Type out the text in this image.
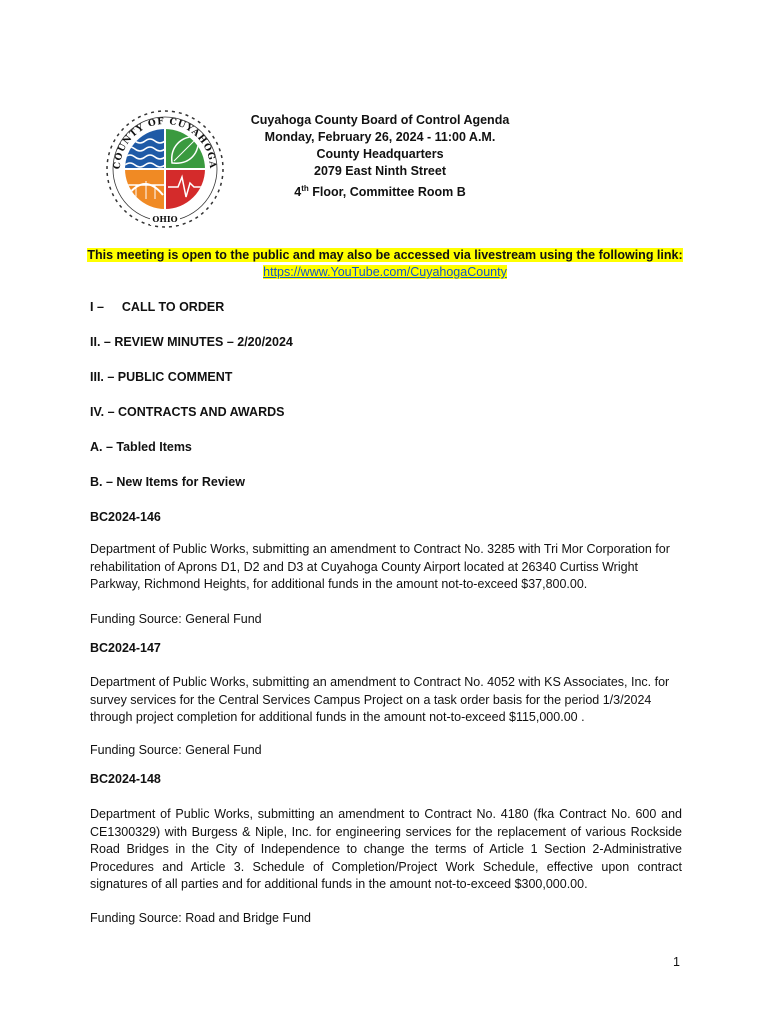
COUNTY OF CUYAHOGA
OHIO
Cuyahoga County Board of Control Agenda
Monday, February 26, 2024 - 11:00 A.M.
County Headquarters
2079 East Ninth Street
4th Floor, Committee Room B
This meeting is open to the public and may also be accessed via livestream using the following link:
https://www.YouTube.com/CuyahogaCounty
I – CALL TO ORDER
II. – REVIEW MINUTES – 2/20/2024
III. – PUBLIC COMMENT
IV. – CONTRACTS AND AWARDS
A. – Tabled Items
B. – New Items for Review
BC2024-146
Department of Public Works, submitting an amendment to Contract No. 3285 with Tri Mor Corporation for rehabilitation of Aprons D1, D2 and D3 at Cuyahoga County Airport located at 26340 Curtiss Wright Parkway, Richmond Heights, for additional funds in the amount not-to-exceed $37,800.00.
Funding Source: General Fund
BC2024-147
Department of Public Works, submitting an amendment to Contract No. 4052 with KS Associates, Inc. for survey services for the Central Services Campus Project on a task order basis for the period 1/3/2024 through project completion for additional funds in the amount not-to-exceed $115,000.00 .
Funding Source: General Fund
BC2024-148
Department of Public Works, submitting an amendment to Contract No. 4180 (fka Contract No. 600 and CE1300329) with Burgess & Niple, Inc. for engineering services for the replacement of various Rockside Road Bridges in the City of Independence to change the terms of Article 1 Section 2-Administrative Procedures and Article 3. Schedule of Completion/Project Work Schedule, effective upon contract signatures of all parties and for additional funds in the amount not-to-exceed $300,000.00.
Funding Source: Road and Bridge Fund
1
